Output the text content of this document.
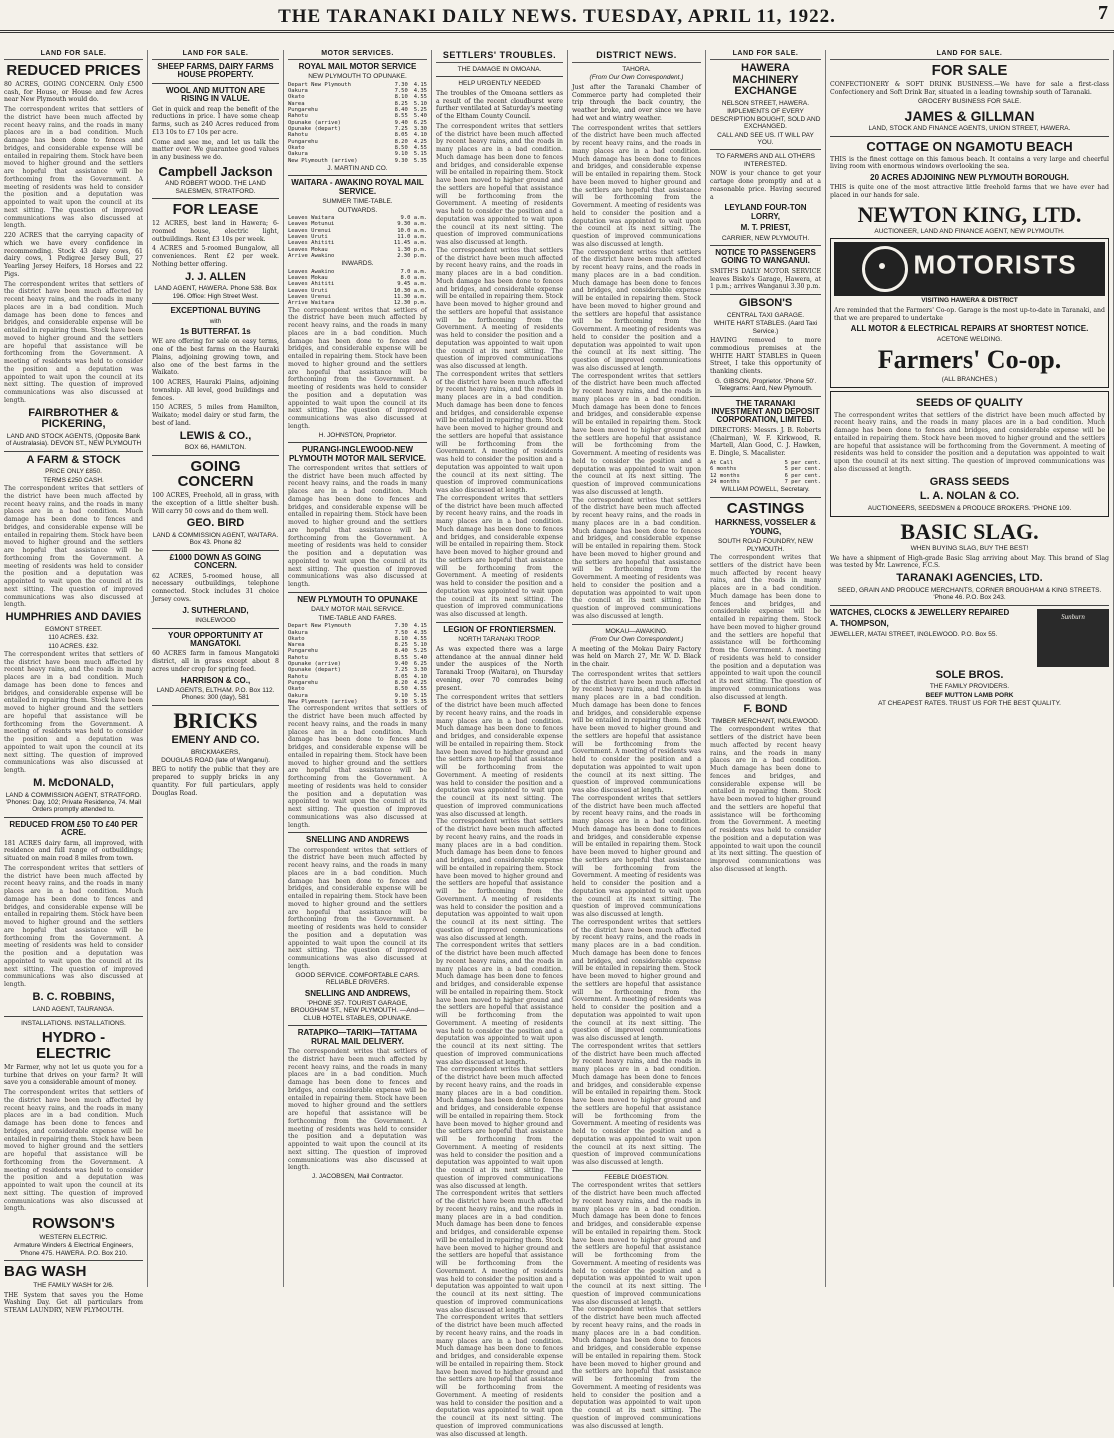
THE TARANAKI DAILY NEWS. TUESDAY, APRIL 11, 1922.	7
LAND FOR SALE.
REDUCED PRICES
80 ACRES, GOING CONCERN. Only £500 cash, for House, or House and few Acres near New Plymouth would do.
The correspondent writes that settlers of the district have been much affected by recent heavy rains, and the roads in many places are in a bad condition. Much damage has been done to fences and bridges, and considerable expense will be entailed in repairing them. Stock have been moved to higher ground and the settlers are hopeful that assistance will be forthcoming from the Government. A meeting of residents was held to consider the position and a deputation was appointed to wait upon the council at its next sitting. The question of improved communications was also discussed at length.
220 ACRES that the carrying capacity of which we have every confidence in recommending. Stock 43 dairy cows, 61 dairy cows, 1 Pedigree Jersey Bull, 27 Yearling Jersey Heifers, 18 Horses and 22 Pigs.
The correspondent writes that settlers of the district have been much affected by recent heavy rains, and the roads in many places are in a bad condition. Much damage has been done to fences and bridges, and considerable expense will be entailed in repairing them. Stock have been moved to higher ground and the settlers are hopeful that assistance will be forthcoming from the Government. A meeting of residents was held to consider the position and a deputation was appointed to wait upon the council at its next sitting. The question of improved communications was also discussed at length.
FAIRBROTHER & PICKERING,
LAND AND STOCK AGENTS, (Opposite Bank of Australasia). DEVON ST., NEW PLYMOUTH
A FARM & STOCK
PRICE ONLY £850.
TERMS £250 CASH.
The correspondent writes that settlers of the district have been much affected by recent heavy rains, and the roads in many places are in a bad condition. Much damage has been done to fences and bridges, and considerable expense will be entailed in repairing them. Stock have been moved to higher ground and the settlers are hopeful that assistance will be forthcoming from the Government. A meeting of residents was held to consider the position and a deputation was appointed to wait upon the council at its next sitting. The question of improved communications was also discussed at length.
HUMPHRIES AND DAVIES
EGMONT STREET.
110 ACRES. £32.
110 ACRES. £32.
The correspondent writes that settlers of the district have been much affected by recent heavy rains, and the roads in many places are in a bad condition. Much damage has been done to fences and bridges, and considerable expense will be entailed in repairing them. Stock have been moved to higher ground and the settlers are hopeful that assistance will be forthcoming from the Government. A meeting of residents was held to consider the position and a deputation was appointed to wait upon the council at its next sitting. The question of improved communications was also discussed at length.
M. McDONALD,
LAND & COMMISSION AGENT, STRATFORD. 'Phones: Day, 102; Private Residence, 74. Mail Orders promptly attended to.
REDUCED FROM £50 TO £40 PER ACRE.
181 ACRES dairy farm, all improved, with residence and full range of outbuildings; situated on main road 8 miles from town.
The correspondent writes that settlers of the district have been much affected by recent heavy rains, and the roads in many places are in a bad condition. Much damage has been done to fences and bridges, and considerable expense will be entailed in repairing them. Stock have been moved to higher ground and the settlers are hopeful that assistance will be forthcoming from the Government. A meeting of residents was held to consider the position and a deputation was appointed to wait upon the council at its next sitting. The question of improved communications was also discussed at length.
B. C. ROBBINS,
LAND AGENT, TAURANGA.
INSTALLATIONS. INSTALLATIONS.
HYDRO - ELECTRIC
Mr Farmer, why not let us quote you for a turbine that drives on your farm? It will save you a considerable amount of money.
The correspondent writes that settlers of the district have been much affected by recent heavy rains, and the roads in many places are in a bad condition. Much damage has been done to fences and bridges, and considerable expense will be entailed in repairing them. Stock have been moved to higher ground and the settlers are hopeful that assistance will be forthcoming from the Government. A meeting of residents was held to consider the position and a deputation was appointed to wait upon the council at its next sitting. The question of improved communications was also discussed at length.
ROWSON'S
WESTERN ELECTRIC.
Armature Winders & Electrical Engineers, 'Phone 475. HAWERA. P.O. Box 210.
BAG WASH
THE FAMILY WASH for 2/6.
THE System that saves you the Home Washing Day. Get all particulars from STEAM LAUNDRY, NEW PLYMOUTH.
LAND FOR SALE.
SHEEP FARMS, DAIRY FARMS HOUSE PROPERTY.
WOOL AND MUTTON ARE RISING IN VALUE.
Get in quick and reap the benefit of the reductions in price. I have some cheap farms, such as 240 Acres reduced from £13 10s to £7 10s per acre.
Come and see me, and let us talk the matter over. We guarantee good values in any business we do.
Campbell Jackson
AND ROBERT WOOD. THE LAND SALESMEN, STRATFORD.
FOR LEASE
12 ACRES, best land in Hawera; 6-roomed house, electric light, outbuildings. Rent £3 10s per week.
4 ACRES and 5-roomed Bungalow, all conveniences. Rent £2 per week. Nothing better offering.
J. J. ALLEN
LAND AGENT, HAWERA. Phone 538. Box 196. Office: High Street West.
EXCEPTIONAL BUYING
with
1s BUTTERFAT. 1s
WE are offering for sale on easy terms, one of the best farms on the Hauraki Plains, adjoining growing town, and also one of the best farms in the Waikato.
100 ACRES, Hauraki Plains, adjoining township. All level, good buildings and fences.
150 ACRES, 5 miles from Hamilton, Waikato; model dairy or stud farm, the best of land.
LEWIS & CO.,
BOX 66, HAMILTON.
GOING CONCERN
100 ACRES, Freehold, all in grass, with the exception of a little shelter bush. Will carry 50 cows and do them well.
GEO. BIRD
LAND & COMMISSION AGENT, WAITARA. Box 43. Phone 82
£1000 DOWN AS GOING CONCERN.
62 ACRES, 5-roomed house, all necessary outbuildings, telephone connected. Stock includes 31 choice Jersey cows.
J. SUTHERLAND,
INGLEWOOD
YOUR OPPORTUNITY AT MANGATOKI.
60 ACRES farm in famous Mangatoki district, all in grass except about 8 acres under crop for spring feed.
HARRISON & CO.,
LAND AGENTS, ELTHAM. P.O. Box 112. Phones: 300 (day), 581
BRICKS
EMENY AND CO.
BRICKMAKERS,
DOUGLAS ROAD (late of Wanganui).
BEG to notify the public that they are prepared to supply bricks in any quantity. For full particulars, apply Douglas Road.
MOTOR SERVICES.
ROYAL MAIL MOTOR SERVICE
NEW PLYMOUTH TO OPUNAKE.
Depart New Plymouth	7.30	4.15
Oakura	7.50	4.35
Okato	8.10	4.55
Warea	8.25	5.10
Pungarehu	8.40	5.25
Rahotu	8.55	5.40
Opunake (arrive)	9.40	6.25
Opunake (depart)	7.25	3.30
Rahotu	8.05	4.10
Pungarehu	8.20	4.25
Okato	8.50	4.55
Oakura	9.10	5.15
New Plymouth (arrive)	9.30	5.35
J. MARTIN AND CO.
WAITARA - AWAKINO ROYAL MAIL SERVICE.
SUMMER TIME-TABLE.
OUTWARDS.
Leaves Waitara	9.0 a.m.
Leaves Motunui	9.30 a.m.
Leaves Urenui	10.0 a.m.
Leaves Uruti	11.0 a.m.
Leaves Ahititi	11.45 a.m.
Leaves Mokau	1.30 p.m.
Arrive Awakino	2.30 p.m.
INWARDS.
Leaves Awakino	7.0 a.m.
Leaves Mokau	8.0 a.m.
Leaves Ahititi	9.45 a.m.
Leaves Uruti	10.30 a.m.
Leaves Urenui	11.30 a.m.
Arrive Waitara	12.30 p.m.
The correspondent writes that settlers of the district have been much affected by recent heavy rains, and the roads in many places are in a bad condition. Much damage has been done to fences and bridges, and considerable expense will be entailed in repairing them. Stock have been moved to higher ground and the settlers are hopeful that assistance will be forthcoming from the Government. A meeting of residents was held to consider the position and a deputation was appointed to wait upon the council at its next sitting. The question of improved communications was also discussed at length.
H. JOHNSTON, Proprietor.
PURANGI-INGLEWOOD-NEW PLYMOUTH MOTOR MAIL SERVICE.
The correspondent writes that settlers of the district have been much affected by recent heavy rains, and the roads in many places are in a bad condition. Much damage has been done to fences and bridges, and considerable expense will be entailed in repairing them. Stock have been moved to higher ground and the settlers are hopeful that assistance will be forthcoming from the Government. A meeting of residents was held to consider the position and a deputation was appointed to wait upon the council at its next sitting. The question of improved communications was also discussed at length.
NEW PLYMOUTH TO OPUNAKE
DAILY MOTOR MAIL SERVICE.
TIME-TABLE AND FARES.
Depart New Plymouth	7.30	4.15
Oakura	7.50	4.35
Okato	8.10	4.55
Warea	8.25	5.10
Pungarehu	8.40	5.25
Rahotu	8.55	5.40
Opunake (arrive)	9.40	6.25
Opunake (depart)	7.25	3.30
Rahotu	8.05	4.10
Pungarehu	8.20	4.25
Okato	8.50	4.55
Oakura	9.10	5.15
New Plymouth (arrive)	9.30	5.35
The correspondent writes that settlers of the district have been much affected by recent heavy rains, and the roads in many places are in a bad condition. Much damage has been done to fences and bridges, and considerable expense will be entailed in repairing them. Stock have been moved to higher ground and the settlers are hopeful that assistance will be forthcoming from the Government. A meeting of residents was held to consider the position and a deputation was appointed to wait upon the council at its next sitting. The question of improved communications was also discussed at length.
SNELLING AND ANDREWS
The correspondent writes that settlers of the district have been much affected by recent heavy rains, and the roads in many places are in a bad condition. Much damage has been done to fences and bridges, and considerable expense will be entailed in repairing them. Stock have been moved to higher ground and the settlers are hopeful that assistance will be forthcoming from the Government. A meeting of residents was held to consider the position and a deputation was appointed to wait upon the council at its next sitting. The question of improved communications was also discussed at length.
GOOD SERVICE. COMFORTABLE CARS. RELIABLE DRIVERS.
SNELLING AND ANDREWS,
'PHONE 357. TOURIST GARAGE, BROUGHAM ST., NEW PLYMOUTH. —And— CLUB HOTEL STABLES, OPUNAKE.
RATAPIKO—TARIKI—TATTAMA RURAL MAIL DELIVERY.
The correspondent writes that settlers of the district have been much affected by recent heavy rains, and the roads in many places are in a bad condition. Much damage has been done to fences and bridges, and considerable expense will be entailed in repairing them. Stock have been moved to higher ground and the settlers are hopeful that assistance will be forthcoming from the Government. A meeting of residents was held to consider the position and a deputation was appointed to wait upon the council at its next sitting. The question of improved communications was also discussed at length.
J. JACOBSEN, Mail Contractor.
SETTLERS' TROUBLES.
THE DAMAGE IN OMOANA.
HELP URGENTLY NEEDED
The troubles of the Omoana settlers as a result of the recent cloudburst were further ventilated at Saturday's meeting of the Eltham County Council.
The correspondent writes that settlers of the district have been much affected by recent heavy rains, and the roads in many places are in a bad condition. Much damage has been done to fences and bridges, and considerable expense will be entailed in repairing them. Stock have been moved to higher ground and the settlers are hopeful that assistance will be forthcoming from the Government. A meeting of residents was held to consider the position and a deputation was appointed to wait upon the council at its next sitting. The question of improved communications was also discussed at length.
The correspondent writes that settlers of the district have been much affected by recent heavy rains, and the roads in many places are in a bad condition. Much damage has been done to fences and bridges, and considerable expense will be entailed in repairing them. Stock have been moved to higher ground and the settlers are hopeful that assistance will be forthcoming from the Government. A meeting of residents was held to consider the position and a deputation was appointed to wait upon the council at its next sitting. The question of improved communications was also discussed at length.
The correspondent writes that settlers of the district have been much affected by recent heavy rains, and the roads in many places are in a bad condition. Much damage has been done to fences and bridges, and considerable expense will be entailed in repairing them. Stock have been moved to higher ground and the settlers are hopeful that assistance will be forthcoming from the Government. A meeting of residents was held to consider the position and a deputation was appointed to wait upon the council at its next sitting. The question of improved communications was also discussed at length.
The correspondent writes that settlers of the district have been much affected by recent heavy rains, and the roads in many places are in a bad condition. Much damage has been done to fences and bridges, and considerable expense will be entailed in repairing them. Stock have been moved to higher ground and the settlers are hopeful that assistance will be forthcoming from the Government. A meeting of residents was held to consider the position and a deputation was appointed to wait upon the council at its next sitting. The question of improved communications was also discussed at length.
LEGION OF FRONTIERSMEN.
NORTH TARANAKI TROOP.
As was expected there was a large attendance at the annual dinner held under the auspices of the North Taranaki Troop (Waitara), on Thursday evening, over 70 comrades being present.
The correspondent writes that settlers of the district have been much affected by recent heavy rains, and the roads in many places are in a bad condition. Much damage has been done to fences and bridges, and considerable expense will be entailed in repairing them. Stock have been moved to higher ground and the settlers are hopeful that assistance will be forthcoming from the Government. A meeting of residents was held to consider the position and a deputation was appointed to wait upon the council at its next sitting. The question of improved communications was also discussed at length.
The correspondent writes that settlers of the district have been much affected by recent heavy rains, and the roads in many places are in a bad condition. Much damage has been done to fences and bridges, and considerable expense will be entailed in repairing them. Stock have been moved to higher ground and the settlers are hopeful that assistance will be forthcoming from the Government. A meeting of residents was held to consider the position and a deputation was appointed to wait upon the council at its next sitting. The question of improved communications was also discussed at length.
The correspondent writes that settlers of the district have been much affected by recent heavy rains, and the roads in many places are in a bad condition. Much damage has been done to fences and bridges, and considerable expense will be entailed in repairing them. Stock have been moved to higher ground and the settlers are hopeful that assistance will be forthcoming from the Government. A meeting of residents was held to consider the position and a deputation was appointed to wait upon the council at its next sitting. The question of improved communications was also discussed at length.
The correspondent writes that settlers of the district have been much affected by recent heavy rains, and the roads in many places are in a bad condition. Much damage has been done to fences and bridges, and considerable expense will be entailed in repairing them. Stock have been moved to higher ground and the settlers are hopeful that assistance will be forthcoming from the Government. A meeting of residents was held to consider the position and a deputation was appointed to wait upon the council at its next sitting. The question of improved communications was also discussed at length.
The correspondent writes that settlers of the district have been much affected by recent heavy rains, and the roads in many places are in a bad condition. Much damage has been done to fences and bridges, and considerable expense will be entailed in repairing them. Stock have been moved to higher ground and the settlers are hopeful that assistance will be forthcoming from the Government. A meeting of residents was held to consider the position and a deputation was appointed to wait upon the council at its next sitting. The question of improved communications was also discussed at length.
The correspondent writes that settlers of the district have been much affected by recent heavy rains, and the roads in many places are in a bad condition. Much damage has been done to fences and bridges, and considerable expense will be entailed in repairing them. Stock have been moved to higher ground and the settlers are hopeful that assistance will be forthcoming from the Government. A meeting of residents was held to consider the position and a deputation was appointed to wait upon the council at its next sitting. The question of improved communications was also discussed at length.
DISTRICT NEWS.
TAHORA.
(From Our Own Correspondent.)
Just after the Taranaki Chamber of Commerce party had completed their trip through the back country, the weather broke, and over since we have had wet and wintry weather.
The correspondent writes that settlers of the district have been much affected by recent heavy rains, and the roads in many places are in a bad condition. Much damage has been done to fences and bridges, and considerable expense will be entailed in repairing them. Stock have been moved to higher ground and the settlers are hopeful that assistance will be forthcoming from the Government. A meeting of residents was held to consider the position and a deputation was appointed to wait upon the council at its next sitting. The question of improved communications was also discussed at length.
The correspondent writes that settlers of the district have been much affected by recent heavy rains, and the roads in many places are in a bad condition. Much damage has been done to fences and bridges, and considerable expense will be entailed in repairing them. Stock have been moved to higher ground and the settlers are hopeful that assistance will be forthcoming from the Government. A meeting of residents was held to consider the position and a deputation was appointed to wait upon the council at its next sitting. The question of improved communications was also discussed at length.
The correspondent writes that settlers of the district have been much affected by recent heavy rains, and the roads in many places are in a bad condition. Much damage has been done to fences and bridges, and considerable expense will be entailed in repairing them. Stock have been moved to higher ground and the settlers are hopeful that assistance will be forthcoming from the Government. A meeting of residents was held to consider the position and a deputation was appointed to wait upon the council at its next sitting. The question of improved communications was also discussed at length.
The correspondent writes that settlers of the district have been much affected by recent heavy rains, and the roads in many places are in a bad condition. Much damage has been done to fences and bridges, and considerable expense will be entailed in repairing them. Stock have been moved to higher ground and the settlers are hopeful that assistance will be forthcoming from the Government. A meeting of residents was held to consider the position and a deputation was appointed to wait upon the council at its next sitting. The question of improved communications was also discussed at length.
MOKAU—AWAKINO.
(From Our Own Correspondent.)
A meeting of the Mokau Dairy Factory was held on March 27, Mr. W. D. Black in the chair.
The correspondent writes that settlers of the district have been much affected by recent heavy rains, and the roads in many places are in a bad condition. Much damage has been done to fences and bridges, and considerable expense will be entailed in repairing them. Stock have been moved to higher ground and the settlers are hopeful that assistance will be forthcoming from the Government. A meeting of residents was held to consider the position and a deputation was appointed to wait upon the council at its next sitting. The question of improved communications was also discussed at length.
The correspondent writes that settlers of the district have been much affected by recent heavy rains, and the roads in many places are in a bad condition. Much damage has been done to fences and bridges, and considerable expense will be entailed in repairing them. Stock have been moved to higher ground and the settlers are hopeful that assistance will be forthcoming from the Government. A meeting of residents was held to consider the position and a deputation was appointed to wait upon the council at its next sitting. The question of improved communications was also discussed at length.
The correspondent writes that settlers of the district have been much affected by recent heavy rains, and the roads in many places are in a bad condition. Much damage has been done to fences and bridges, and considerable expense will be entailed in repairing them. Stock have been moved to higher ground and the settlers are hopeful that assistance will be forthcoming from the Government. A meeting of residents was held to consider the position and a deputation was appointed to wait upon the council at its next sitting. The question of improved communications was also discussed at length.
The correspondent writes that settlers of the district have been much affected by recent heavy rains, and the roads in many places are in a bad condition. Much damage has been done to fences and bridges, and considerable expense will be entailed in repairing them. Stock have been moved to higher ground and the settlers are hopeful that assistance will be forthcoming from the Government. A meeting of residents was held to consider the position and a deputation was appointed to wait upon the council at its next sitting. The question of improved communications was also discussed at length.
FEEBLE DIGESTION.
The correspondent writes that settlers of the district have been much affected by recent heavy rains, and the roads in many places are in a bad condition. Much damage has been done to fences and bridges, and considerable expense will be entailed in repairing them. Stock have been moved to higher ground and the settlers are hopeful that assistance will be forthcoming from the Government. A meeting of residents was held to consider the position and a deputation was appointed to wait upon the council at its next sitting. The question of improved communications was also discussed at length.
The correspondent writes that settlers of the district have been much affected by recent heavy rains, and the roads in many places are in a bad condition. Much damage has been done to fences and bridges, and considerable expense will be entailed in repairing them. Stock have been moved to higher ground and the settlers are hopeful that assistance will be forthcoming from the Government. A meeting of residents was held to consider the position and a deputation was appointed to wait upon the council at its next sitting. The question of improved communications was also discussed at length.
LAND FOR SALE.
HAWERA MACHINERY EXCHANGE
NELSON STREET, HAWERA.
IMPLEMENTS OF EVERY DESCRIPTION BOUGHT, SOLD AND EXCHANGED.
CALL AND SEE US. IT WILL PAY YOU.
TO FARMERS AND ALL OTHERS INTERESTED.
NOW is your chance to get your cartage done promptly and at a reasonable price. Having secured a
LEYLAND FOUR-TON LORRY,
M. T. PRIEST,
CARRIER, NEW PLYMOUTH.
NOTICE TO PASSENGERS GOING TO WANGANUI.
SMITH'S DAILY MOTOR SERVICE leaves Bisko's Garage, Hawera, at 1 p.m.; arrives Wanganui 3.30 p.m.
GIBSON'S
CENTRAL TAXI GARAGE.
WHITE HART STABLES. (Aard Taxi Service.)
HAVING removed to more commodious premises at the WHITE HART STABLES in Queen Street, I take this opportunity of thanking clients.
G. GIBSON, Proprietor. 'Phone 50'. Telegrams: Aard, New Plymouth.
THE TARANAKI INVESTMENT AND DEPOSIT CORPORATION, LIMITED.
DIRECTORS: Messrs. J. B. Roberts (Chairman), W. F. Kirkwood, R. Martell, Alan Good, C. J. Hawken, E. Dingle, S. Macalister.
At Call	5 per cent.
6 months	5 per cent.
12 months	6 per cent.
24 months	7 per cent.
WILLIAM POWELL, Secretary.
CASTINGS
HARKNESS, VOSSELER & YOUNG,
SOUTH ROAD FOUNDRY, NEW PLYMOUTH.
The correspondent writes that settlers of the district have been much affected by recent heavy rains, and the roads in many places are in a bad condition. Much damage has been done to fences and bridges, and considerable expense will be entailed in repairing them. Stock have been moved to higher ground and the settlers are hopeful that assistance will be forthcoming from the Government. A meeting of residents was held to consider the position and a deputation was appointed to wait upon the council at its next sitting. The question of improved communications was also discussed at length.
F. BOND
TIMBER MERCHANT, INGLEWOOD.
The correspondent writes that settlers of the district have been much affected by recent heavy rains, and the roads in many places are in a bad condition. Much damage has been done to fences and bridges, and considerable expense will be entailed in repairing them. Stock have been moved to higher ground and the settlers are hopeful that assistance will be forthcoming from the Government. A meeting of residents was held to consider the position and a deputation was appointed to wait upon the council at its next sitting. The question of improved communications was also discussed at length.
LAND FOR SALE.
FOR SALE
CONFECTIONERY & SOFT DRINK BUSINESS.—We have for sale a first-class Confectionery and Soft Drink Bar, situated in a leading township south of Taranaki.
GROCERY BUSINESS FOR SALE.
JAMES & GILLMAN
LAND, STOCK AND FINANCE AGENTS, UNION STREET, HAWERA.
COTTAGE ON NGAMOTU BEACH
THIS is the finest cottage on this famous beach. It contains a very large and cheerful living room with enormous windows overlooking the sea.
20 ACRES ADJOINING NEW PLYMOUTH BOROUGH.
THIS is quite one of the most attractive little freehold farms that we have ever had placed in our hands for sale.
NEWTON KING, LTD.
AUCTIONEER, LAND AND FINANCE AGENT, NEW PLYMOUTH.
MOTORISTS
VISITING HAWERA & DISTRICT
Are reminded that the Farmers' Co-op. Garage is the most up-to-date in Taranaki, and that we are prepared to undertake
ALL MOTOR & ELECTRICAL REPAIRS AT SHORTEST NOTICE.
ACETONE WELDING.
Farmers' Co-op.
(ALL BRANCHES.)
SEEDS OF QUALITY
The correspondent writes that settlers of the district have been much affected by recent heavy rains, and the roads in many places are in a bad condition. Much damage has been done to fences and bridges, and considerable expense will be entailed in repairing them. Stock have been moved to higher ground and the settlers are hopeful that assistance will be forthcoming from the Government. A meeting of residents was held to consider the position and a deputation was appointed to wait upon the council at its next sitting. The question of improved communications was also discussed at length.
GRASS SEEDS
L. A. NOLAN & CO.
AUCTIONEERS, SEEDSMEN & PRODUCE BROKERS. 'PHONE 109.
BASIC SLAG.
WHEN BUYING SLAG, BUY THE BEST!
We have a shipment of High-grade Basic Slag arriving about May. This brand of Slag was tested by Mr. Lawrence, F.C.S.
TARANAKI AGENCIES, LTD.
SEED, GRAIN AND PRODUCE MERCHANTS, CORNER BROUGHAM & KING STREETS. 'Phone 46. P.O. Box 243.
Sunburn
WATCHES, CLOCKS & JEWELLERY REPAIRED
A. THOMPSON,
JEWELLER, MATAI STREET, INGLEWOOD. P.O. Box 55.
SOLE BROS.
THE FAMILY PROVIDERS.
BEEF MUTTON LAMB PORK
AT CHEAPEST RATES. TRUST US FOR THE BEST QUALITY.
